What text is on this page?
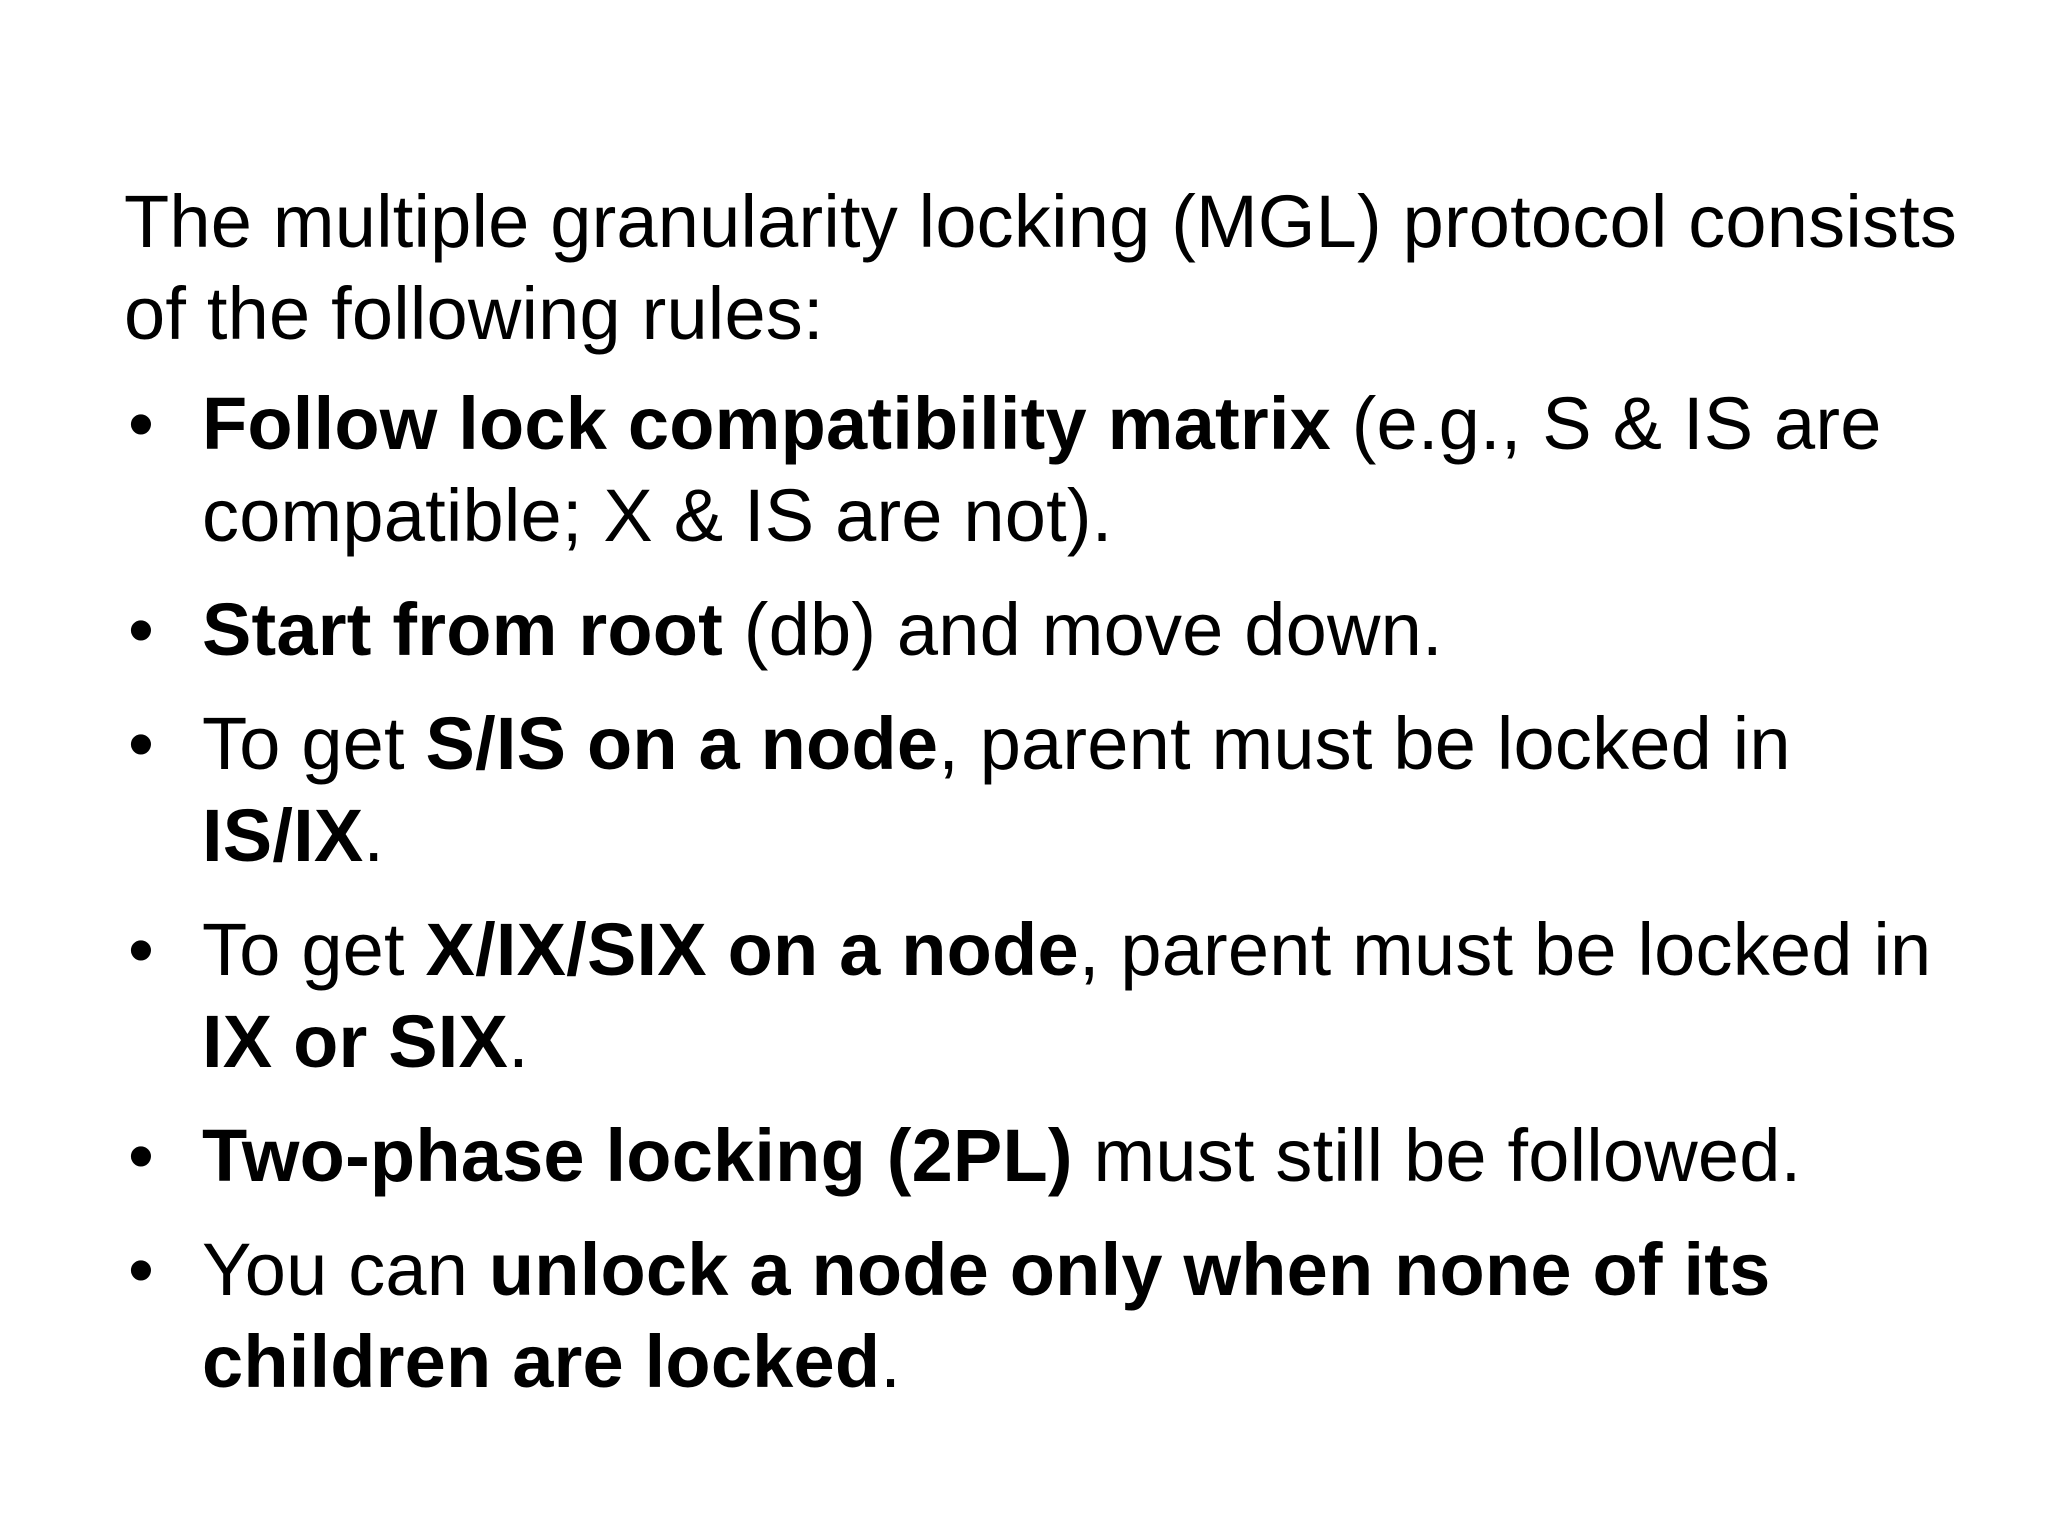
The multiple granularity locking (MGL) protocol consists of the following rules:

• Follow lock compatibility matrix (e.g., S & IS are compatible; X & IS are not).
• Start from root (db) and move down.
• To get S/IS on a node, parent must be locked in IS/IX.
• To get X/IX/SIX on a node, parent must be locked in IX or SIX.
• Two-phase locking (2PL) must still be followed.
• You can unlock a node only when none of its children are locked.
